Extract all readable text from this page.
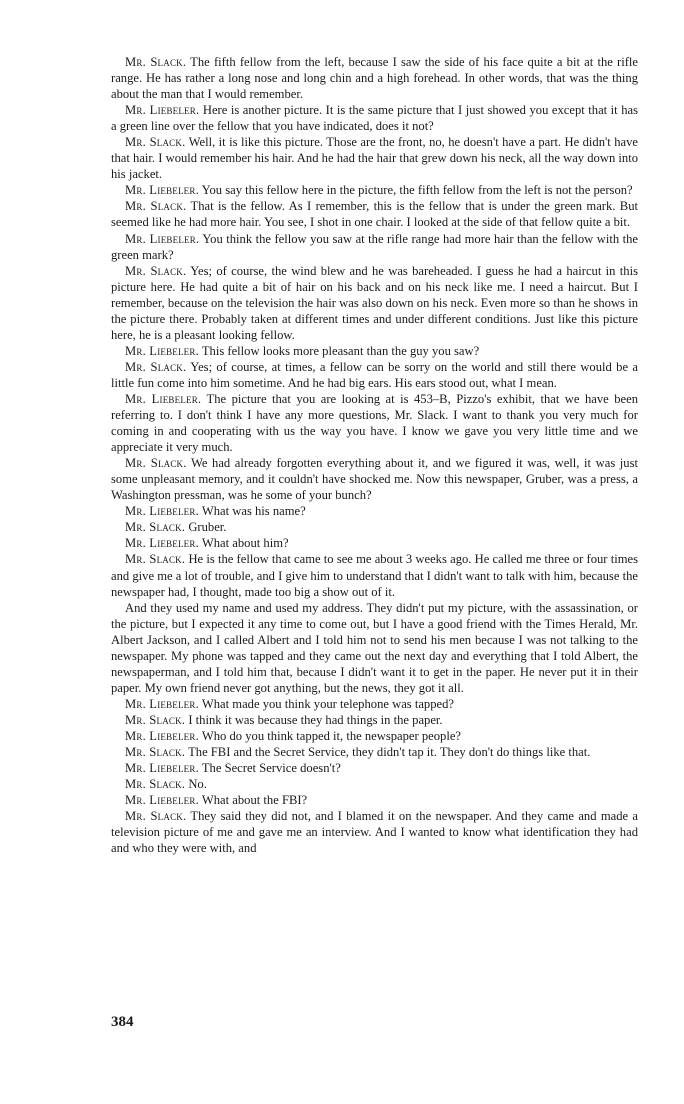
Mr. Slack. The fifth fellow from the left, because I saw the side of his face quite a bit at the rifle range. He has rather a long nose and long chin and a high forehead. In other words, that was the thing about the man that I would remember.

Mr. Liebeler. Here is another picture. It is the same picture that I just showed you except that it has a green line over the fellow that you have indicated, does it not?

Mr. Slack. Well, it is like this picture. Those are the front, no, he doesn't have a part. He didn't have that hair. I would remember his hair. And he had the hair that grew down his neck, all the way down into his jacket.

Mr. Liebeler. You say this fellow here in the picture, the fifth fellow from the left is not the person?

Mr. Slack. That is the fellow. As I remember, this is the fellow that is under the green mark. But seemed like he had more hair. You see, I shot in one chair. I looked at the side of that fellow quite a bit.

Mr. Liebeler. You think the fellow you saw at the rifle range had more hair than the fellow with the green mark?

Mr. Slack. Yes; of course, the wind blew and he was bareheaded. I guess he had a haircut in this picture here. He had quite a bit of hair on his back and on his neck like me. I need a haircut. But I remember, because on the television the hair was also down on his neck. Even more so than he shows in the picture there. Probably taken at different times and under different conditions. Just like this picture here, he is a pleasant looking fellow.

Mr. Liebeler. This fellow looks more pleasant than the guy you saw?

Mr. Slack. Yes; of course, at times, a fellow can be sorry on the world and still there would be a little fun come into him sometime. And he had big ears. His ears stood out, what I mean.

Mr. Liebeler. The picture that you are looking at is 453–B, Pizzo's exhibit, that we have been referring to. I don't think I have any more questions, Mr. Slack. I want to thank you very much for coming in and cooperating with us the way you have. I know we gave you very little time and we appreciate it very much.

Mr. Slack. We had already forgotten everything about it, and we figured it was, well, it was just some unpleasant memory, and it couldn't have shocked me. Now this newspaper, Gruber, was a press, a Washington pressman, was he some of your bunch?

Mr. Liebeler. What was his name?

Mr. Slack. Gruber.

Mr. Liebeler. What about him?

Mr. Slack. He is the fellow that came to see me about 3 weeks ago. He called me three or four times and give me a lot of trouble, and I give him to understand that I didn't want to talk with him, because the newspaper had, I thought, made too big a show out of it.

And they used my name and used my address. They didn't put my picture, with the assassination, or the picture, but I expected it any time to come out, but I have a good friend with the Times Herald, Mr. Albert Jackson, and I called Albert and I told him not to send his men because I was not talking to the newspaper. My phone was tapped and they came out the next day and everything that I told Albert, the newspaperman, and I told him that, because I didn't want it to get in the paper. He never put it in their paper. My own friend never got anything, but the news, they got it all.

Mr. Liebeler. What made you think your telephone was tapped?

Mr. Slack. I think it was because they had things in the paper.

Mr. Liebeler. Who do you think tapped it, the newspaper people?

Mr. Slack. The FBI and the Secret Service, they didn't tap it. They don't do things like that.

Mr. Liebeler. The Secret Service doesn't?

Mr. Slack. No.

Mr. Liebeler. What about the FBI?

Mr. Slack. They said they did not, and I blamed it on the newspaper. And they came and made a television picture of me and gave me an interview. And I wanted to know what identification they had and who they were with, and

384
